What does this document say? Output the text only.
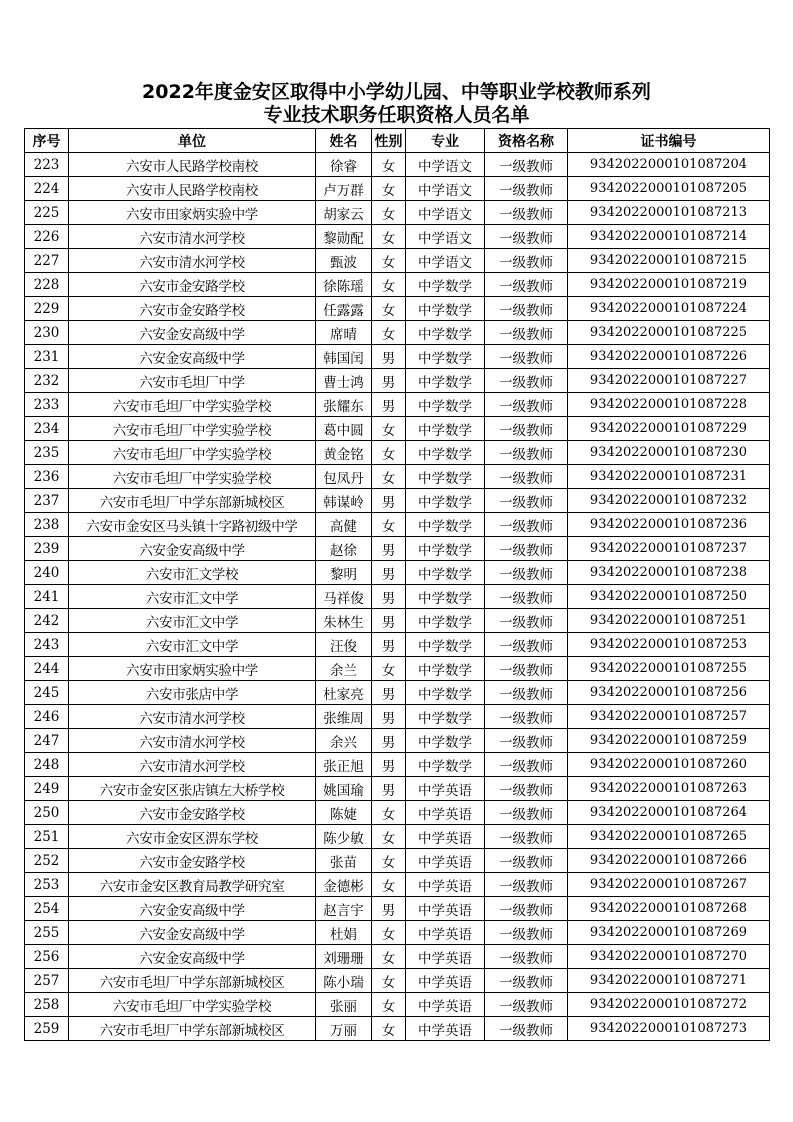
2022年度金安区取得中小学幼儿园、中等职业学校教师系列
专业技术职务任职资格人员名单
序号	单位	姓名	性别	专业	资格名称	证书编号
223	六安市人民路学校南校	徐睿	女	中学语文	一级教师	9342022000101087204
224	六安市人民路学校南校	卢万群	女	中学语文	一级教师	9342022000101087205
225	六安市田家炳实验中学	胡家云	女	中学语文	一级教师	9342022000101087213
226	六安市清水河学校	黎勋配	女	中学语文	一级教师	9342022000101087214
227	六安市清水河学校	甄波	女	中学语文	一级教师	9342022000101087215
228	六安市金安路学校	徐陈瑶	女	中学数学	一级教师	9342022000101087219
229	六安市金安路学校	任露露	女	中学数学	一级教师	9342022000101087224
230	六安金安高级中学	席晴	女	中学数学	一级教师	9342022000101087225
231	六安金安高级中学	韩国闰	男	中学数学	一级教师	9342022000101087226
232	六安市毛坦厂中学	曹士鸿	男	中学数学	一级教师	9342022000101087227
233	六安市毛坦厂中学实验学校	张耀东	男	中学数学	一级教师	9342022000101087228
234	六安市毛坦厂中学实验学校	葛中圆	女	中学数学	一级教师	9342022000101087229
235	六安市毛坦厂中学实验学校	黄金铭	女	中学数学	一级教师	9342022000101087230
236	六安市毛坦厂中学实验学校	包凤丹	女	中学数学	一级教师	9342022000101087231
237	六安市毛坦厂中学东部新城校区	韩谋岭	男	中学数学	一级教师	9342022000101087232
238	六安市金安区马头镇十字路初级中学	高健	女	中学数学	一级教师	9342022000101087236
239	六安金安高级中学	赵徐	男	中学数学	一级教师	9342022000101087237
240	六安市汇文学校	黎明	男	中学数学	一级教师	9342022000101087238
241	六安市汇文中学	马祥俊	男	中学数学	一级教师	9342022000101087250
242	六安市汇文中学	朱林生	男	中学数学	一级教师	9342022000101087251
243	六安市汇文中学	汪俊	男	中学数学	一级教师	9342022000101087253
244	六安市田家炳实验中学	余兰	女	中学数学	一级教师	9342022000101087255
245	六安市张店中学	杜家亮	男	中学数学	一级教师	9342022000101087256
246	六安市清水河学校	张维周	男	中学数学	一级教师	9342022000101087257
247	六安市清水河学校	余兴	男	中学数学	一级教师	9342022000101087259
248	六安市清水河学校	张正旭	男	中学数学	一级教师	9342022000101087260
249	六安市金安区张店镇左大桥学校	姚国瑜	男	中学英语	一级教师	9342022000101087263
250	六安市金安路学校	陈婕	女	中学英语	一级教师	9342022000101087264
251	六安市金安区淠东学校	陈少敏	女	中学英语	一级教师	9342022000101087265
252	六安市金安路学校	张苗	女	中学英语	一级教师	9342022000101087266
253	六安市金安区教育局教学研究室	金德彬	女	中学英语	一级教师	9342022000101087267
254	六安金安高级中学	赵言宇	男	中学英语	一级教师	9342022000101087268
255	六安金安高级中学	杜娟	女	中学英语	一级教师	9342022000101087269
256	六安金安高级中学	刘珊珊	女	中学英语	一级教师	9342022000101087270
257	六安市毛坦厂中学东部新城校区	陈小瑞	女	中学英语	一级教师	9342022000101087271
258	六安市毛坦厂中学实验学校	张丽	女	中学英语	一级教师	9342022000101087272
259	六安市毛坦厂中学东部新城校区	万丽	女	中学英语	一级教师	9342022000101087273
